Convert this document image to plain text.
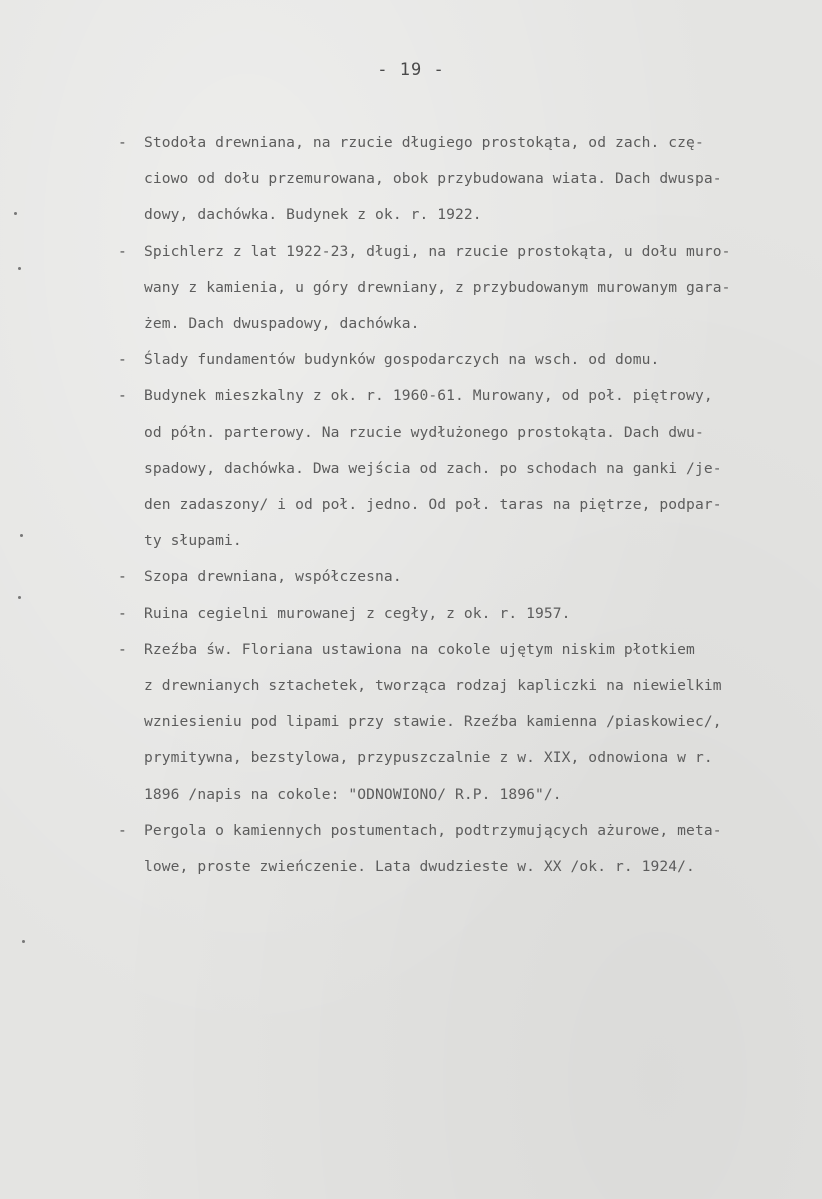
- 19 -
-	Stodoła drewniana, na rzucie długiego prostokąta, od zach. czę-
ciowo od dołu przemurowana, obok przybudowana wiata. Dach dwuspa-
dowy, dachówka. Budynek z ok. r. 1922.
-	Spichlerz z lat 1922-23, długi, na rzucie prostokąta, u dołu muro-
wany z kamienia, u góry drewniany, z przybudowanym murowanym gara-
żem. Dach dwuspadowy, dachówka.
-	Ślady fundamentów budynków gospodarczych na wsch. od domu.
-	Budynek mieszkalny z ok. r. 1960-61. Murowany, od poł. piętrowy,
od półn. parterowy. Na rzucie wydłużonego prostokąta. Dach dwu-
spadowy, dachówka. Dwa wejścia od zach. po schodach na ganki /je-
den zadaszony/ i od poł. jedno. Od poł. taras na piętrze, podpar-
ty słupami.
-	Szopa drewniana, współczesna.
-	Ruina cegielni murowanej z cegły, z ok. r. 1957.
-	Rzeźba św. Floriana ustawiona na cokole ujętym niskim płotkiem
z drewnianych sztachetek, tworząca rodzaj kapliczki na niewielkim
wzniesieniu pod lipami przy stawie. Rzeźba kamienna /piaskowiec/,
prymitywna, bezstylowa, przypuszczalnie z w. XIX, odnowiona w r.
1896 /napis na cokole: "ODNOWIONO/ R.P. 1896"/.
-	Pergola o kamiennych postumentach, podtrzymujących ażurowe, meta-
lowe, proste zwieńczenie. Lata dwudzieste w. XX /ok. r. 1924/.
